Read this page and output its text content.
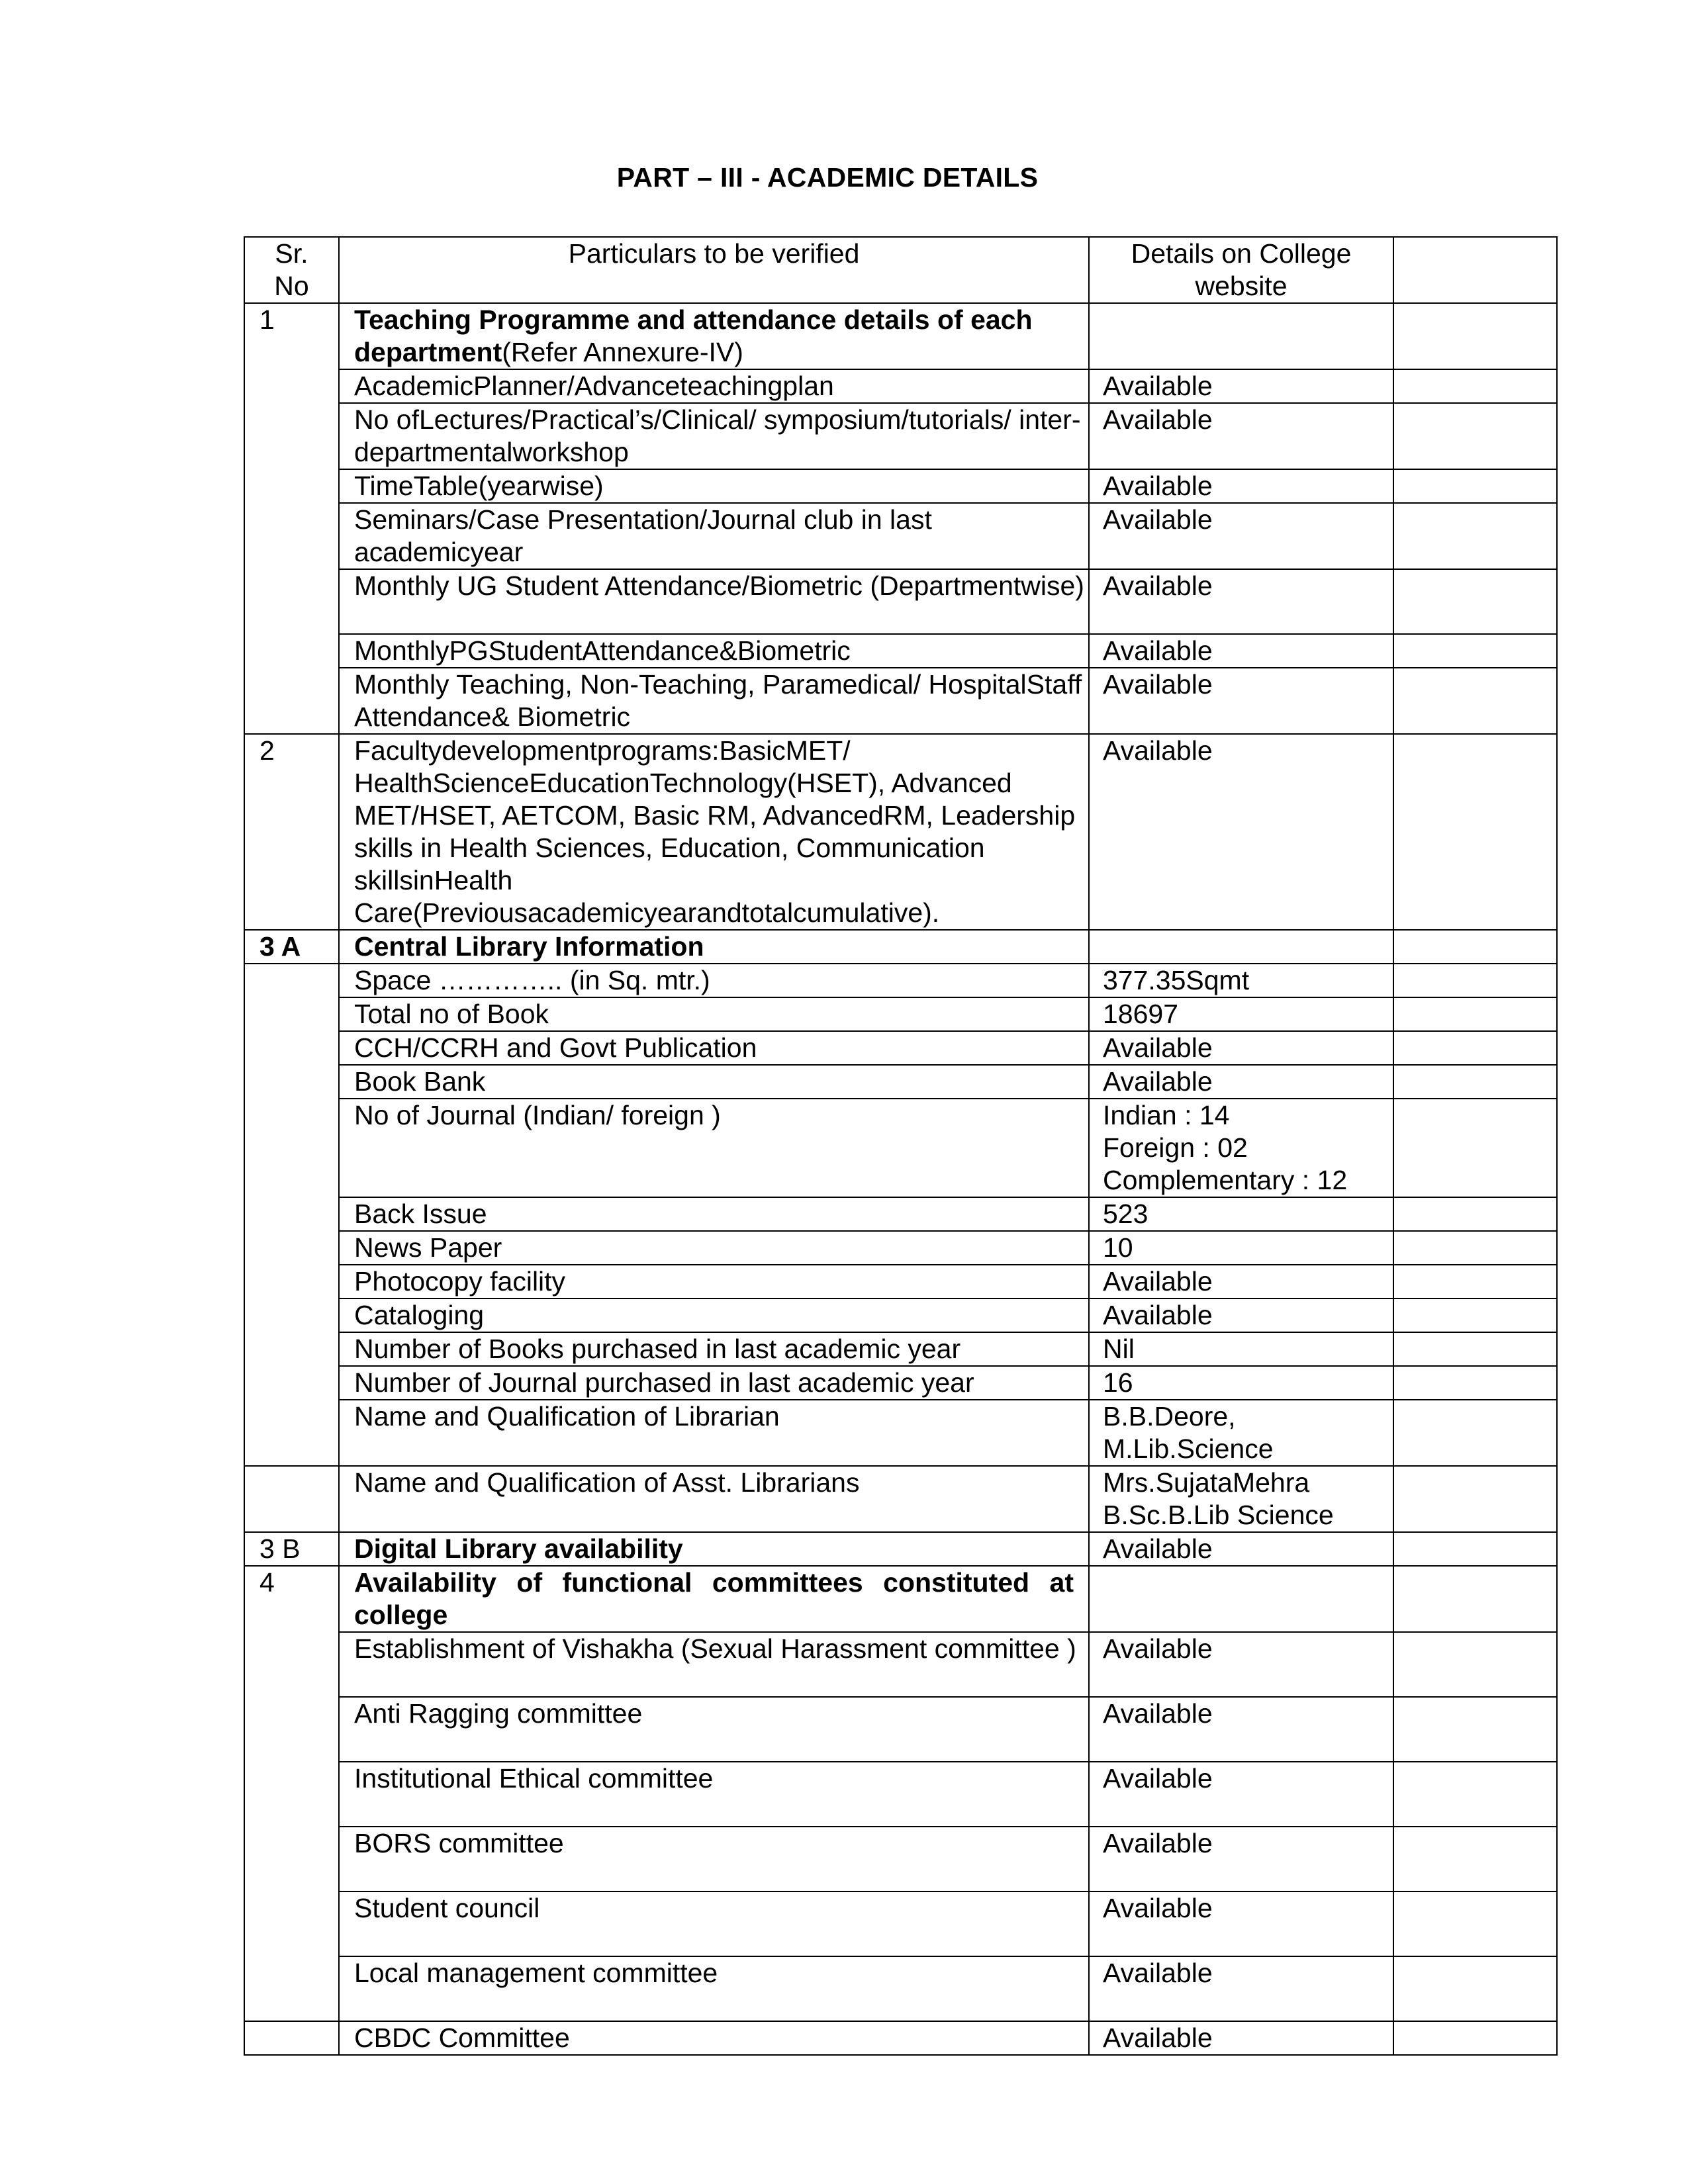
PART – III - ACADEMIC DETAILS
Sr.
No	Particulars to be verified	Details on College
website	
1	Teaching Programme and attendance details of each department(Refer Annexure-IV)		
	AcademicPlanner/Advanceteachingplan	Available	
	No ofLectures/Practical’s/Clinical/ symposium/tutorials/ inter-departmentalworkshop	Available	
	TimeTable(yearwise)	Available	
	Seminars/Case Presentation/Journal club in last academicyear	Available	
	Monthly UG Student Attendance/Biometric (Departmentwise)	Available	
	MonthlyPGStudentAttendance&Biometric	Available	
	Monthly Teaching, Non-Teaching, Paramedical/ HospitalStaff Attendance& Biometric	Available	
2	Facultydevelopmentprograms:BasicMET/ HealthScienceEducationTechnology(HSET), Advanced MET/HSET, AETCOM, Basic RM, AdvancedRM, Leadership skills in Health Sciences, Education, Communication skillsinHealth Care(Previousacademicyearandtotalcumulative).	Available	
3 A	Central Library Information		
	Space ………….. (in Sq. mtr.)	377.35Sqmt	
	Total no of Book	18697	
	CCH/CCRH and Govt Publication	Available	
	Book Bank	Available	
	No of Journal (Indian/ foreign )	Indian : 14
Foreign : 02
Complementary : 12	
	Back Issue	523	
	News Paper	10	
	Photocopy facility	Available	
	Cataloging	Available	
	Number of Books purchased in last academic year	Nil	
	Number of Journal purchased in last academic year	16	
	Name and Qualification of Librarian	B.B.Deore,
M.Lib.Science	
	Name and Qualification of Asst. Librarians	Mrs.SujataMehra
B.Sc.B.Lib Science	
3 B	Digital Library availability	Available	
4	Availability of functional committees constituted at college		

	Establishment of Vishakha (Sexual Harassment committee )	Available	
	Anti Ragging committee	Available	
	Institutional Ethical committee	Available	
	BORS committee	Available	
	Student council	Available	
	Local management committee	Available	
	CBDC Committee	Available	
